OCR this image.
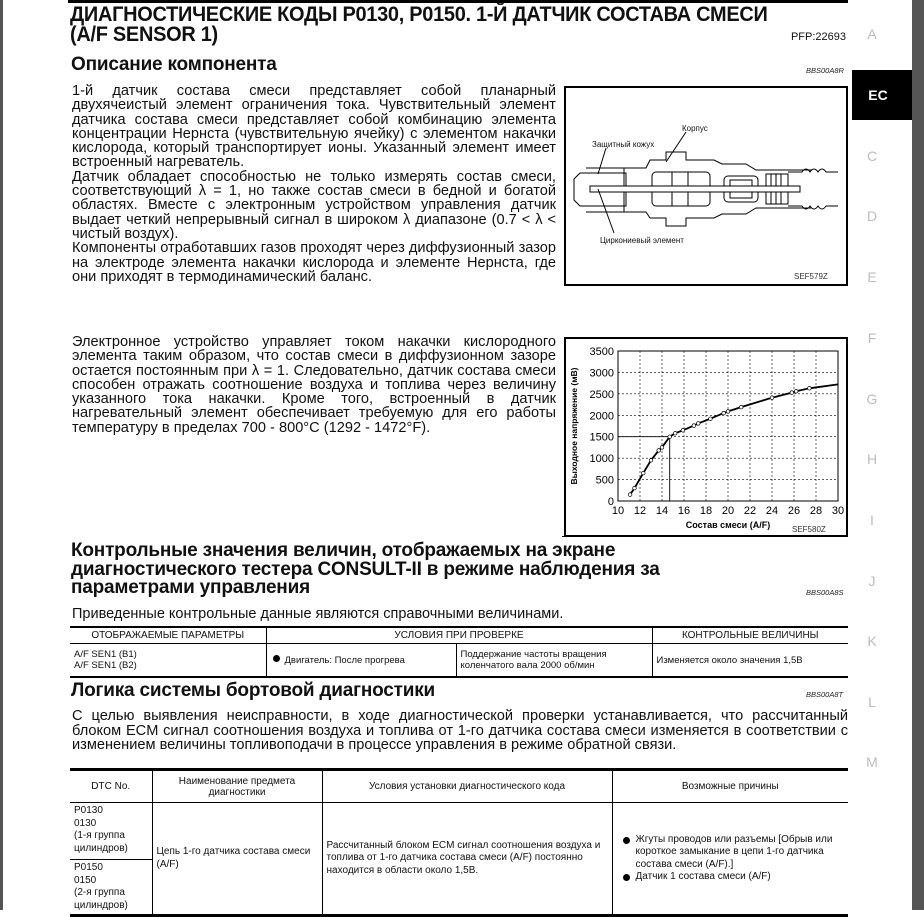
ДИАГНОСТИЧЕСКИЕ КОДЫ P0130, P0150. 1-Й ДАТЧИК СОСТАВА СМЕСИ
(A/F SENSOR 1)	PFP:22693	A
EC
C
D
E
F
G
H
I
J
K
L
M
Описание компонента	BBS00A8R

1-й датчик состава смеси представляет собой планарный двухячеистый элемент ограничения тока. Чувствительный элемент датчика состава смеси представляет собой комбинацию элемента концентрации Нернста (чувствительную ячейку) с элементом накачки кислорода, который транспортирует ионы. Указанный элемент имеет встроенный нагреватель.

Датчик обладает способностью не только измерять состав смеси, соответствующий λ = 1, но также состав смеси в бедной и богатой областях. Вместе с электронным устройством управления датчик выдает четкий непрерывный сигнал в широком λ диапазоне (0.7 < λ < чистый воздух).

Компоненты отработавших газов проходят через диффузионный зазор на электроде элемента накачки кислорода и элементе Нернста, где они приходят в термодинамический баланс.

Электронное устройство управляет током накачки кислородного элемента таким образом, что состав смеси в диффузионном зазоре остается постоянным при λ = 1. Следовательно, датчик состава смеси способен отражать соотношение воздуха и топлива через величину указанного тока накачки. Кроме того, встроенный в датчик нагревательный элемент обеспечивает требуемую для его работы температуру в пределах 700 - 800°C (1292 - 1472°F).

Защитный кожух
Корпус
Циркониевый элемент
SEF579Z
10 12 14 16 18 20 22 24 26 28 30
0
500
1000
1500
2000
2500
3000
3500
Состав смеси (A/F)
Выходное напряжение (мВ)
SEF580Z
Контрольные значения величин, отображаемых на экране
диагностического тестера CONSULT-II в режиме наблюдения за
параметрами управления	BBS00A8S
Приведенные контрольные данные являются справочными величинами.
ОТОБРАЖАЕМЫЕ ПАРАМЕТРЫ	УСЛОВИЯ ПРИ ПРОВЕРКЕ		КОНТРОЛЬНЫЕ ВЕЛИЧИНЫ

A/F SEN1 (B1)
A/F SEN1 (B2)	Двигатель: После прогрева	Поддержание частоты вращения коленчатого вала 2000 об/мин	Изменяется около значения 1,5В
Логика системы бортовой диагностики	BBS00A8T
С целью выявления неисправности, в ходе диагностической проверки устанавливается, что рассчитанный блоком ECM сигнал соотношения воздуха и топлива от 1-го датчика состава смеси изменяется в соответствии с изменением величины топливоподачи в процессе управления в режиме обратной связи.
DTC No.	Наименование предмета диагностики	Условия установки диагностического кода	Возможные причины

P0130
0130
(1-я группа
цилиндров)	Цепь 1-го датчика состава смеси (A/F)	Рассчитанный блоком ECM сигнал соотношения воздуха и топлива от 1-го датчика состава смеси (A/F) постоянно находится в области около 1,5В.	
Жгуты проводов или разъемы [Обрыв или короткое замыкание в цепи 1-го датчика состава смеси (A/F).]
Датчик 1 состава смеси (A/F)

P0150
0150
(2-я группа
цилиндров)			
